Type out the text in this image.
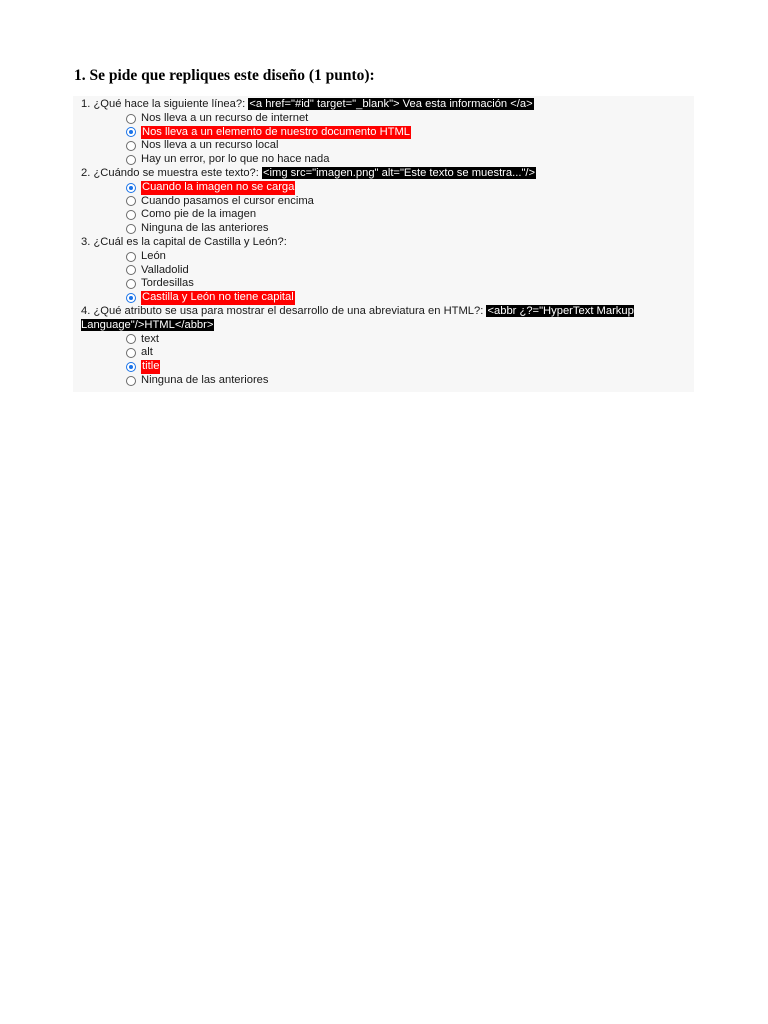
1. Se pide que repliques este diseño (1 punto):
1. ¿Qué hace la siguiente línea?: <a href="#id" target="_blank"> Vea esta información </a>
Nos lleva a un recurso de internet
Nos lleva a un elemento de nuestro documento HTML
Nos lleva a un recurso local
Hay un error, por lo que no hace nada
2. ¿Cuándo se muestra este texto?: <img src="imagen.png" alt="Este texto se muestra..."/>
Cuando la imagen no se carga
Cuando pasamos el cursor encima
Como pie de la imagen
Ninguna de las anteriores
3. ¿Cuál es la capital de Castilla y León?:
León
Valladolid
Tordesillas
Castilla y León no tiene capital
4. ¿Qué atributo se usa para mostrar el desarrollo de una abreviatura en HTML?: <abbr ¿?="HyperText Markup Language"/>HTML</abbr>
text
alt
title
Ninguna de las anteriores
